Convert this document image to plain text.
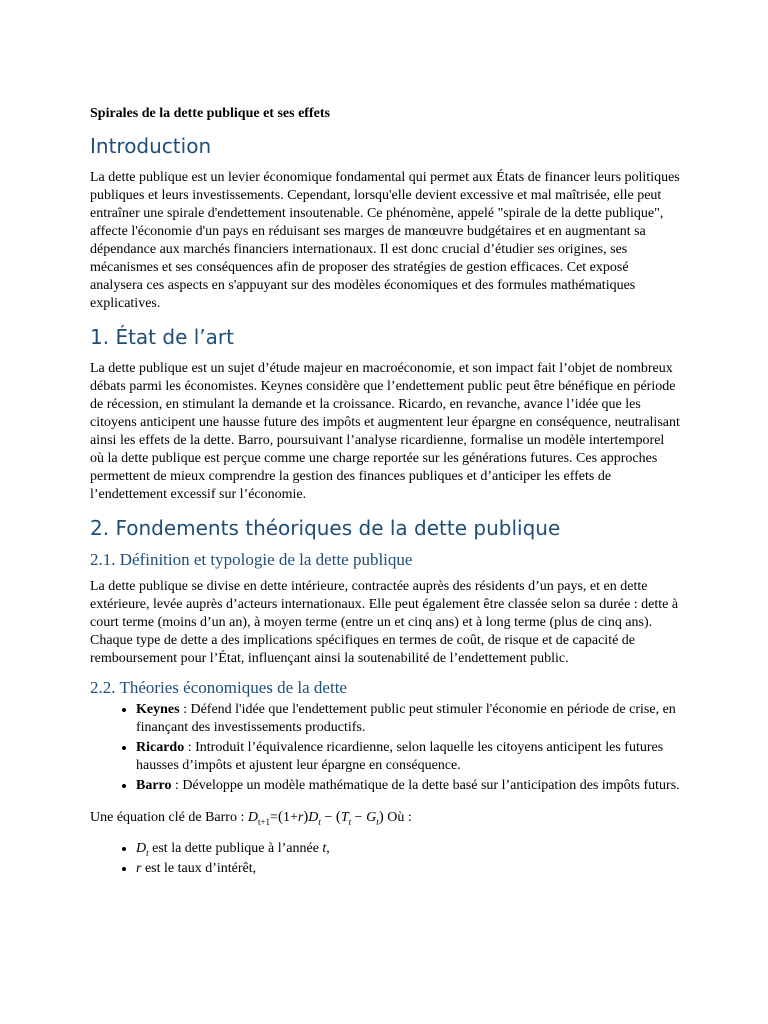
Spirales de la dette publique et ses effets
Introduction

La dette publique est un levier économique fondamental qui permet aux États de financer leurs politiques publiques et leurs investissements. Cependant, lorsqu'elle devient excessive et mal maîtrisée, elle peut entraîner une spirale d'endettement insoutenable. Ce phénomène, appelé "spirale de la dette publique", affecte l'économie d'un pays en réduisant ses marges de manœuvre budgétaires et en augmentant sa dépendance aux marchés financiers internationaux. Il est donc crucial d’étudier ses origines, ses mécanismes et ses conséquences afin de proposer des stratégies de gestion efficaces. Cet exposé analysera ces aspects en s'appuyant sur des modèles économiques et des formules mathématiques explicatives.

1. État de l’art

La dette publique est un sujet d’étude majeur en macroéconomie, et son impact fait l’objet de nombreux débats parmi les économistes. Keynes considère que l’endettement public peut être bénéfique en période de récession, en stimulant la demande et la croissance. Ricardo, en revanche, avance l’idée que les citoyens anticipent une hausse future des impôts et augmentent leur épargne en conséquence, neutralisant ainsi les effets de la dette. Barro, poursuivant l’analyse ricardienne, formalise un modèle intertemporel où la dette publique est perçue comme une charge reportée sur les générations futures. Ces approches permettent de mieux comprendre la gestion des finances publiques et d’anticiper les effets de l’endettement excessif sur l’économie.

2. Fondements théoriques de la dette publique
2.1. Définition et typologie de la dette publique

La dette publique se divise en dette intérieure, contractée auprès des résidents d’un pays, et en dette extérieure, levée auprès d’acteurs internationaux. Elle peut également être classée selon sa durée : dette à court terme (moins d’un an), à moyen terme (entre un et cinq ans) et à long terme (plus de cinq ans). Chaque type de dette a des implications spécifiques en termes de coût, de risque et de capacité de remboursement pour l’État, influençant ainsi la soutenabilité de l’endettement public.

2.2. Théories économiques de la dette
• Keynes : Défend l'idée que l'endettement public peut stimuler l'économie en période de crise, en finançant des investissements productifs.
• Ricardo : Introduit l’équivalence ricardienne, selon laquelle les citoyens anticipent les futures hausses d’impôts et ajustent leur épargne en conséquence.
• Barro : Développe un modèle mathématique de la dette basé sur l’anticipation des impôts futurs.
Une équation clé de Barro : $D_{t+1}=(1+r)D_t - (T_t - G_t)$ Où :
• $D_t$ est la dette publique à l’année t,
• r est le taux d’intérêt,
